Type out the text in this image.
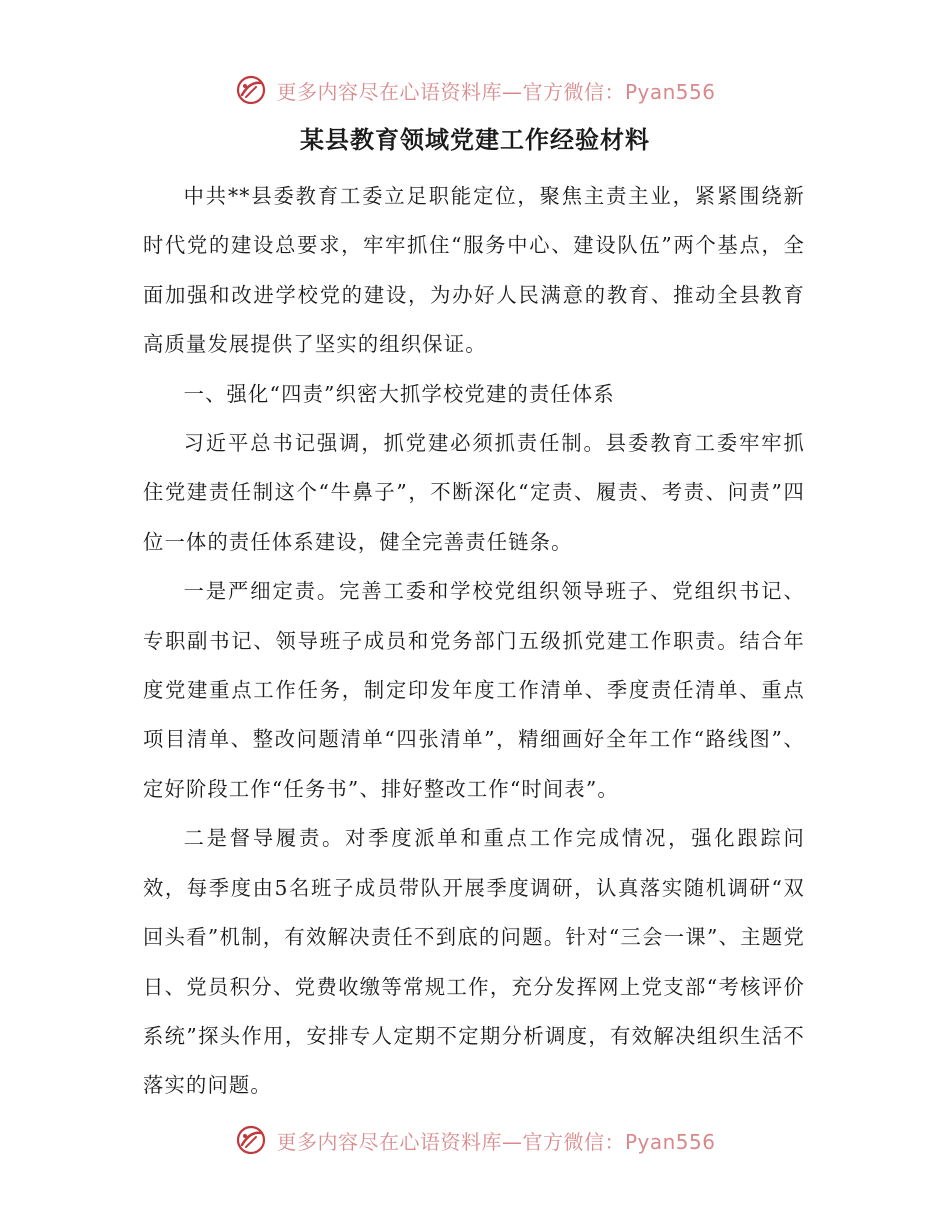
更多内容尽在心语资料库—官方微信：Pyan556
某县教育领域党建工作经验材料

中共**县委教育工委立足职能定位，聚焦主责主业，紧紧围绕新时代党的建设总要求，牢牢抓住“服务中心、建设队伍”两个基点，全面加强和改进学校党的建设，为办好人民满意的教育、推动全县教育高质量发展提供了坚实的组织保证。

一、强化“四责”织密大抓学校党建的责任体系

习近平总书记强调，抓党建必须抓责任制。县委教育工委牢牢抓住党建责任制这个“牛鼻子”，不断深化“定责、履责、考责、问责”四位一体的责任体系建设，健全完善责任链条。

一是严细定责。完善工委和学校党组织领导班子、党组织书记、专职副书记、领导班子成员和党务部门五级抓党建工作职责。结合年度党建重点工作任务，制定印发年度工作清单、季度责任清单、重点项目清单、整改问题清单“四张清单”，精细画好全年工作“路线图”、定好阶段工作“任务书”、排好整改工作“时间表”。

二是督导履责。对季度派单和重点工作完成情况，强化跟踪问效，每季度由5名班子成员带队开展季度调研，认真落实随机调研“双回头看”机制，有效解决责任不到底的问题。针对“三会一课”、主题党日、党员积分、党费收缴等常规工作，充分发挥网上党支部“考核评价系统”探头作用，安排专人定期不定期分析调度，有效解决组织生活不落实的问题。

更多内容尽在心语资料库—官方微信：Pyan556
